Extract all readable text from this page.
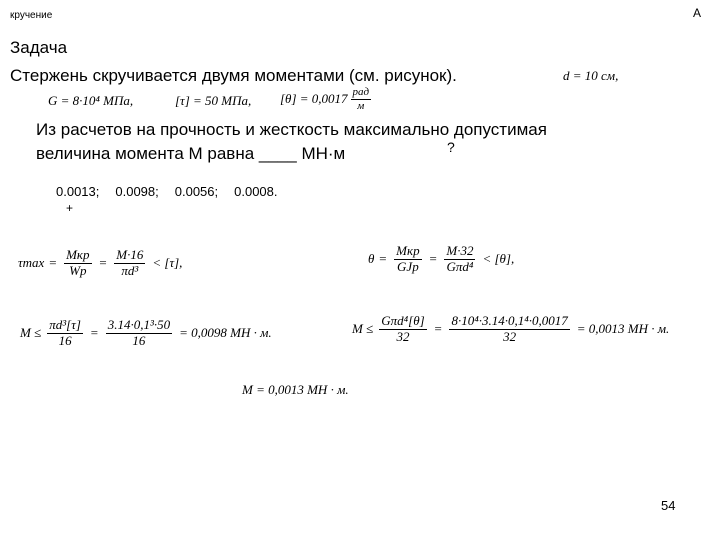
кручение	А
Задача
Стержень скручивается двумя моментами (см. рисунок).	d = 10 см,
G = 8·10⁴ МПа,	[τ] = 50 МПа, $[\theta] = 0,0017 \frac{\text{рад}}{м}$
Из расчетов на прочность и жесткость максимально допустимая
величина момента M равна ____ МН·м	?
0.0013; 0.0098; 0.0056; 0.0008.
+
$\tau\max = \frac{\text{Mкр}}{Wp} = \frac{M\cdot 16}{\text{πd³}} < [\tau]$,	$\theta = \frac{\text{Mкр}}{\text{GJp}} = \frac{M\cdot 32}{\text{Gπd⁴}} < [\theta]$,
$M \le \frac{\text{πd³[τ]}}{16} = \frac{\text{3.14·0,1³·50}}{16} = 0,0098$ МН · м.	$M \le \frac{\text{Gπd⁴[θ]}}{32} = \frac{\text{8·10⁴·3.14·0,1⁴·0,0017}}{32} = 0,0013$ МН · м.
M = 0,0013 МН · м.
54
